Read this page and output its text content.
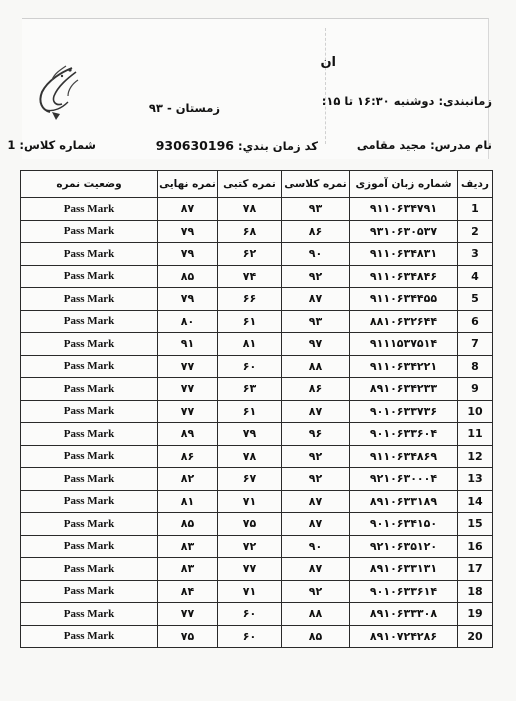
ان
زمانبندی: دوشنبه ۱۶:۳۰ تا ۱۵:
زمستان - ۹۳
نام مدرس: مجید مقامی
كد زمان بندي: 930630196
شماره کلاس: 1
ردیف	شماره زبان آموزی	نمره کلاسی	نمره کتبی	نمره نهایی	وضعیت نمره
1	۹۱۱۰۶۳۴۷۹۱	۹۳	۷۸	۸۷	Pass Mark
2	۹۳۱۰۶۳۰۵۳۷	۸۶	۶۸	۷۹	Pass Mark
3	۹۱۱۰۶۳۴۸۳۱	۹۰	۶۲	۷۹	Pass Mark
4	۹۱۱۰۶۳۴۸۴۶	۹۲	۷۴	۸۵	Pass Mark
5	۹۱۱۰۶۳۴۴۵۵	۸۷	۶۶	۷۹	Pass Mark
6	۸۸۱۰۶۳۲۶۴۴	۹۳	۶۱	۸۰	Pass Mark
7	۹۱۱۱۵۳۷۵۱۴	۹۷	۸۱	۹۱	Pass Mark
8	۹۱۱۰۶۳۴۲۲۱	۸۸	۶۰	۷۷	Pass Mark
9	۸۹۱۰۶۳۴۲۳۳	۸۶	۶۳	۷۷	Pass Mark
10	۹۰۱۰۶۳۳۷۳۶	۸۷	۶۱	۷۷	Pass Mark
11	۹۰۱۰۶۳۳۶۰۴	۹۶	۷۹	۸۹	Pass Mark
12	۹۱۱۰۶۳۴۸۶۹	۹۲	۷۸	۸۶	Pass Mark
13	۹۲۱۰۶۳۰۰۰۴	۹۲	۶۷	۸۲	Pass Mark
14	۸۹۱۰۶۳۳۱۸۹	۸۷	۷۱	۸۱	Pass Mark
15	۹۰۱۰۶۳۴۱۵۰	۸۷	۷۵	۸۵	Pass Mark
16	۹۲۱۰۶۳۵۱۲۰	۹۰	۷۲	۸۳	Pass Mark
17	۸۹۱۰۶۳۳۱۳۱	۸۷	۷۷	۸۳	Pass Mark
18	۹۰۱۰۶۳۳۶۱۴	۹۲	۷۱	۸۴	Pass Mark
19	۸۹۱۰۶۳۳۳۰۸	۸۸	۶۰	۷۷	Pass Mark
20	۸۹۱۰۷۲۴۲۸۶	۸۵	۶۰	۷۵	Pass Mark
